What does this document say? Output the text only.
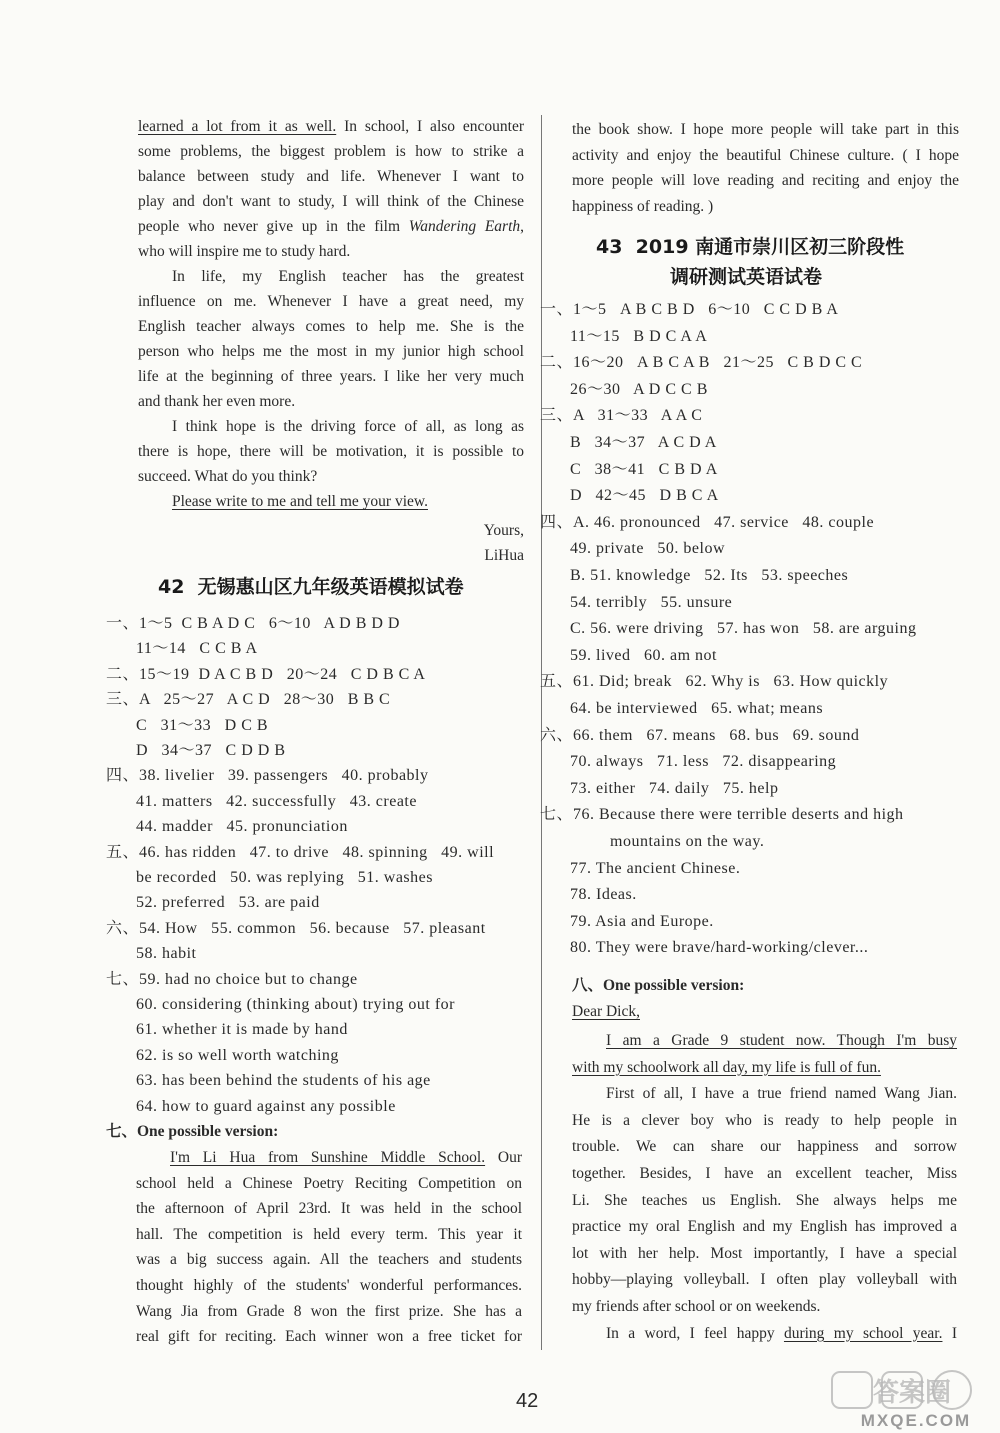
learned a lot from it as well. In school, I also encounter
some problems, the biggest problem is how to strike a
balance between study and life. Whenever I want to
play and don't want to study, I will think of the Chinese
people who never give up in the film Wandering Earth,
who will inspire me to study hard.
In life, my English teacher has the greatest
influence on me. Whenever I have a great need, my
English teacher always comes to help me. She is the
person who helps me the most in my junior high school
life at the beginning of three years. I like her very much
and thank her even more.
I think hope is the driving force of all, as long as
there is hope, there will be motivation, it is possible to
succeed. What do you think?
Please write to me and tell me your view.
Yours,
LiHua
42  无锡惠山区九年级英语模拟试卷
一、1～5  C B A D C   6～10   A D B D D
11～14   C C B A
二、15～19  D A C B D   20～24   C D B C A
三、A   25～27   A C D   28～30   B B C
C   31～33   D C B
D   34～37   C D D B
四、38. livelier   39. passengers   40. probably
41. matters   42. successfully   43. create
44. madder   45. pronunciation
五、46. has ridden   47. to drive   48. spinning   49. will
be recorded   50. was replying   51. washes
52. preferred   53. are paid
六、54. How   55. common   56. because   57. pleasant
58. habit
七、59. had no choice but to change
60. considering (thinking about) trying out for
61. whether it is made by hand
62. is so well worth watching
63. has been behind the students of his age
64. how to guard against any possible
七、One possible version:
I'm Li Hua from Sunshine Middle School. Our
school held a Chinese Poetry Reciting Competition on
the afternoon of April 23rd. It was held in the school
hall. The competition is held every term. This year it
was a big success again. All the teachers and students
thought highly of the students' wonderful performances.
Wang Jia from Grade 8 won the first prize. She has a
real gift for reciting. Each winner won a free ticket for
the book show. I hope more people will take part in this
activity and enjoy the beautiful Chinese culture. ( I hope
more people will love reading and reciting and enjoy the
happiness of reading. )
43  2019 南通市崇川区初三阶段性
调研测试英语试卷
一、1～5   A B C B D   6～10   C C D B A
11～15   B D C A A
二、16～20   A B C A B   21～25   C B D C C
26～30   A D C C B
三、A   31～33   A A C
B   34～37   A C D A
C   38～41   C B D A
D   42～45   D B C A
四、A. 46. pronounced   47. service   48. couple
49. private   50. below
B. 51. knowledge   52. Its   53. speeches
54. terribly   55. unsure
C. 56. were driving   57. has won   58. are arguing
59. lived   60. am not
五、61. Did; break   62. Why is   63. How quickly
64. be interviewed   65. what; means
六、66. them   67. means   68. bus   69. sound
70. always   71. less   72. disappearing
73. either   74. daily   75. help
七、76. Because there were terrible deserts and high
mountains on the way.
77. The ancient Chinese.
78. Ideas.
79. Asia and Europe.
80. They were brave/hard-working/clever...
八、One possible version:
Dear Dick,
I am a Grade 9 student now. Though I'm busy
with my schoolwork all day, my life is full of fun.
First of all, I have a true friend named Wang Jian.
He is a clever boy who is ready to help people in
trouble. We can share our happiness and sorrow
together. Besides, I have an excellent teacher, Miss
Li. She teaches us English. She always helps me
practice my oral English and my English has improved a
lot with her help. Most importantly, I have a special
hobby—playing volleyball. I often play volleyball with
my friends after school or on weekends.
In a word, I feel happy during my school year. I
42	答案圈
MXQE.COM
